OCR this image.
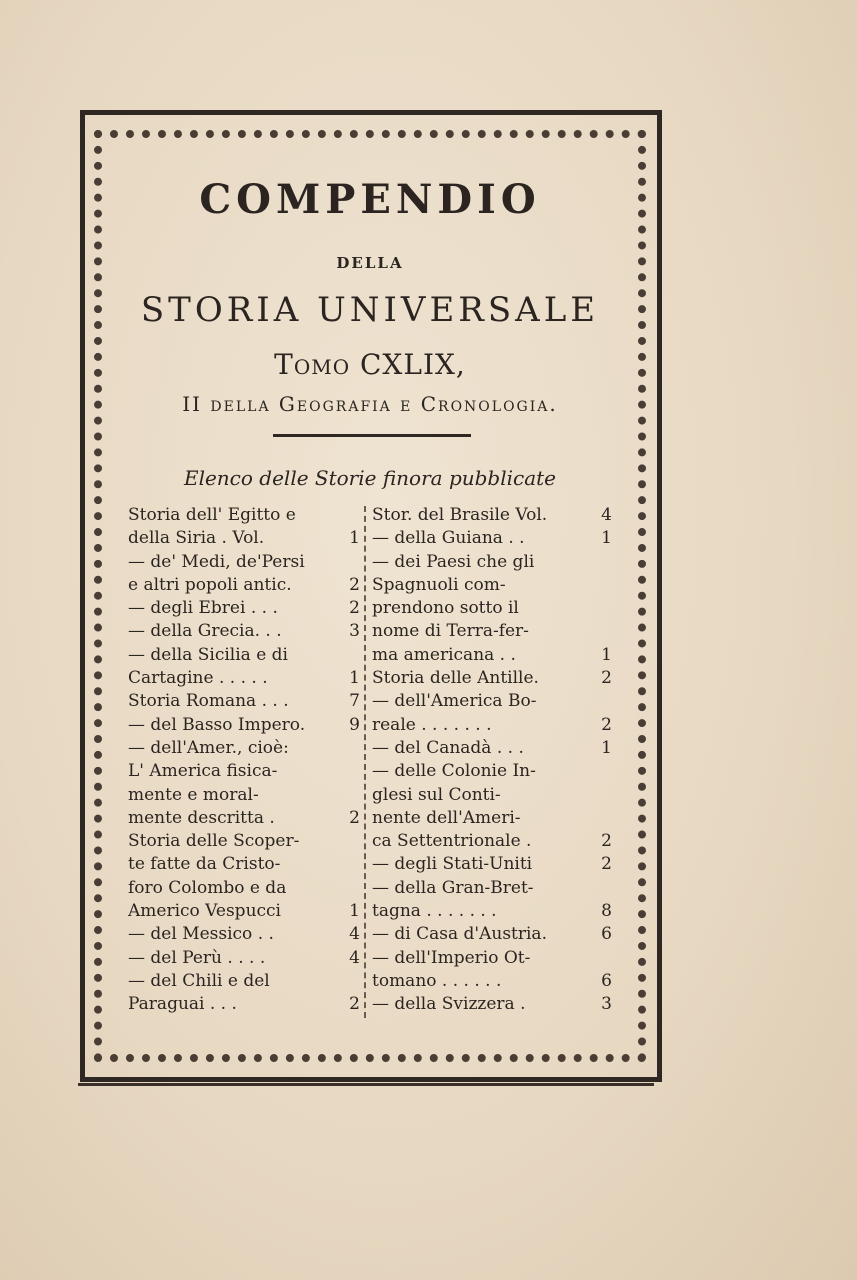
COMPENDIO
DELLA
STORIA UNIVERSALE
Tomo CXLIX,
II della Geografia e Cronologia.
Elenco delle Storie finora pubblicate
Storia dell' Egitto e
della Siria . Vol.	1
— de' Medi, de'Persi
e altri popoli antic.	2
— degli Ebrei . . .	2
— della Grecia. . .	3
— della Sicilia e di
Cartagine . . . . .	1
Storia Romana . . .	7
— del Basso Impero.	9
— dell'Amer., cioè:
L' America fisica-
mente e moral-
mente descritta .	2
Storia delle Scoper-
te fatte da Cristo-
foro Colombo e da
Americo Vespucci	1
— del Messico . .	4
— del Perù . . . .	4
— del Chili e del
Paraguai . . .	2
Stor. del Brasile Vol.	4
— della Guiana . .	1
— dei Paesi che gli
Spagnuoli com-
prendono sotto il
nome di Terra-fer-
ma americana . .	1
Storia delle Antille.	2
— dell'America Bo-
reale . . . . . . .	2
— del Canadà . . .	1
— delle Colonie In-
glesi sul Conti-
nente dell'Ameri-
ca Settentrionale .	2
— degli Stati-Uniti	2
— della Gran-Bret-
tagna . . . . . . .	8
— di Casa d'Austria.	6
— dell'Imperio Ot-
tomano . . . . . .	6
— della Svizzera .	3
